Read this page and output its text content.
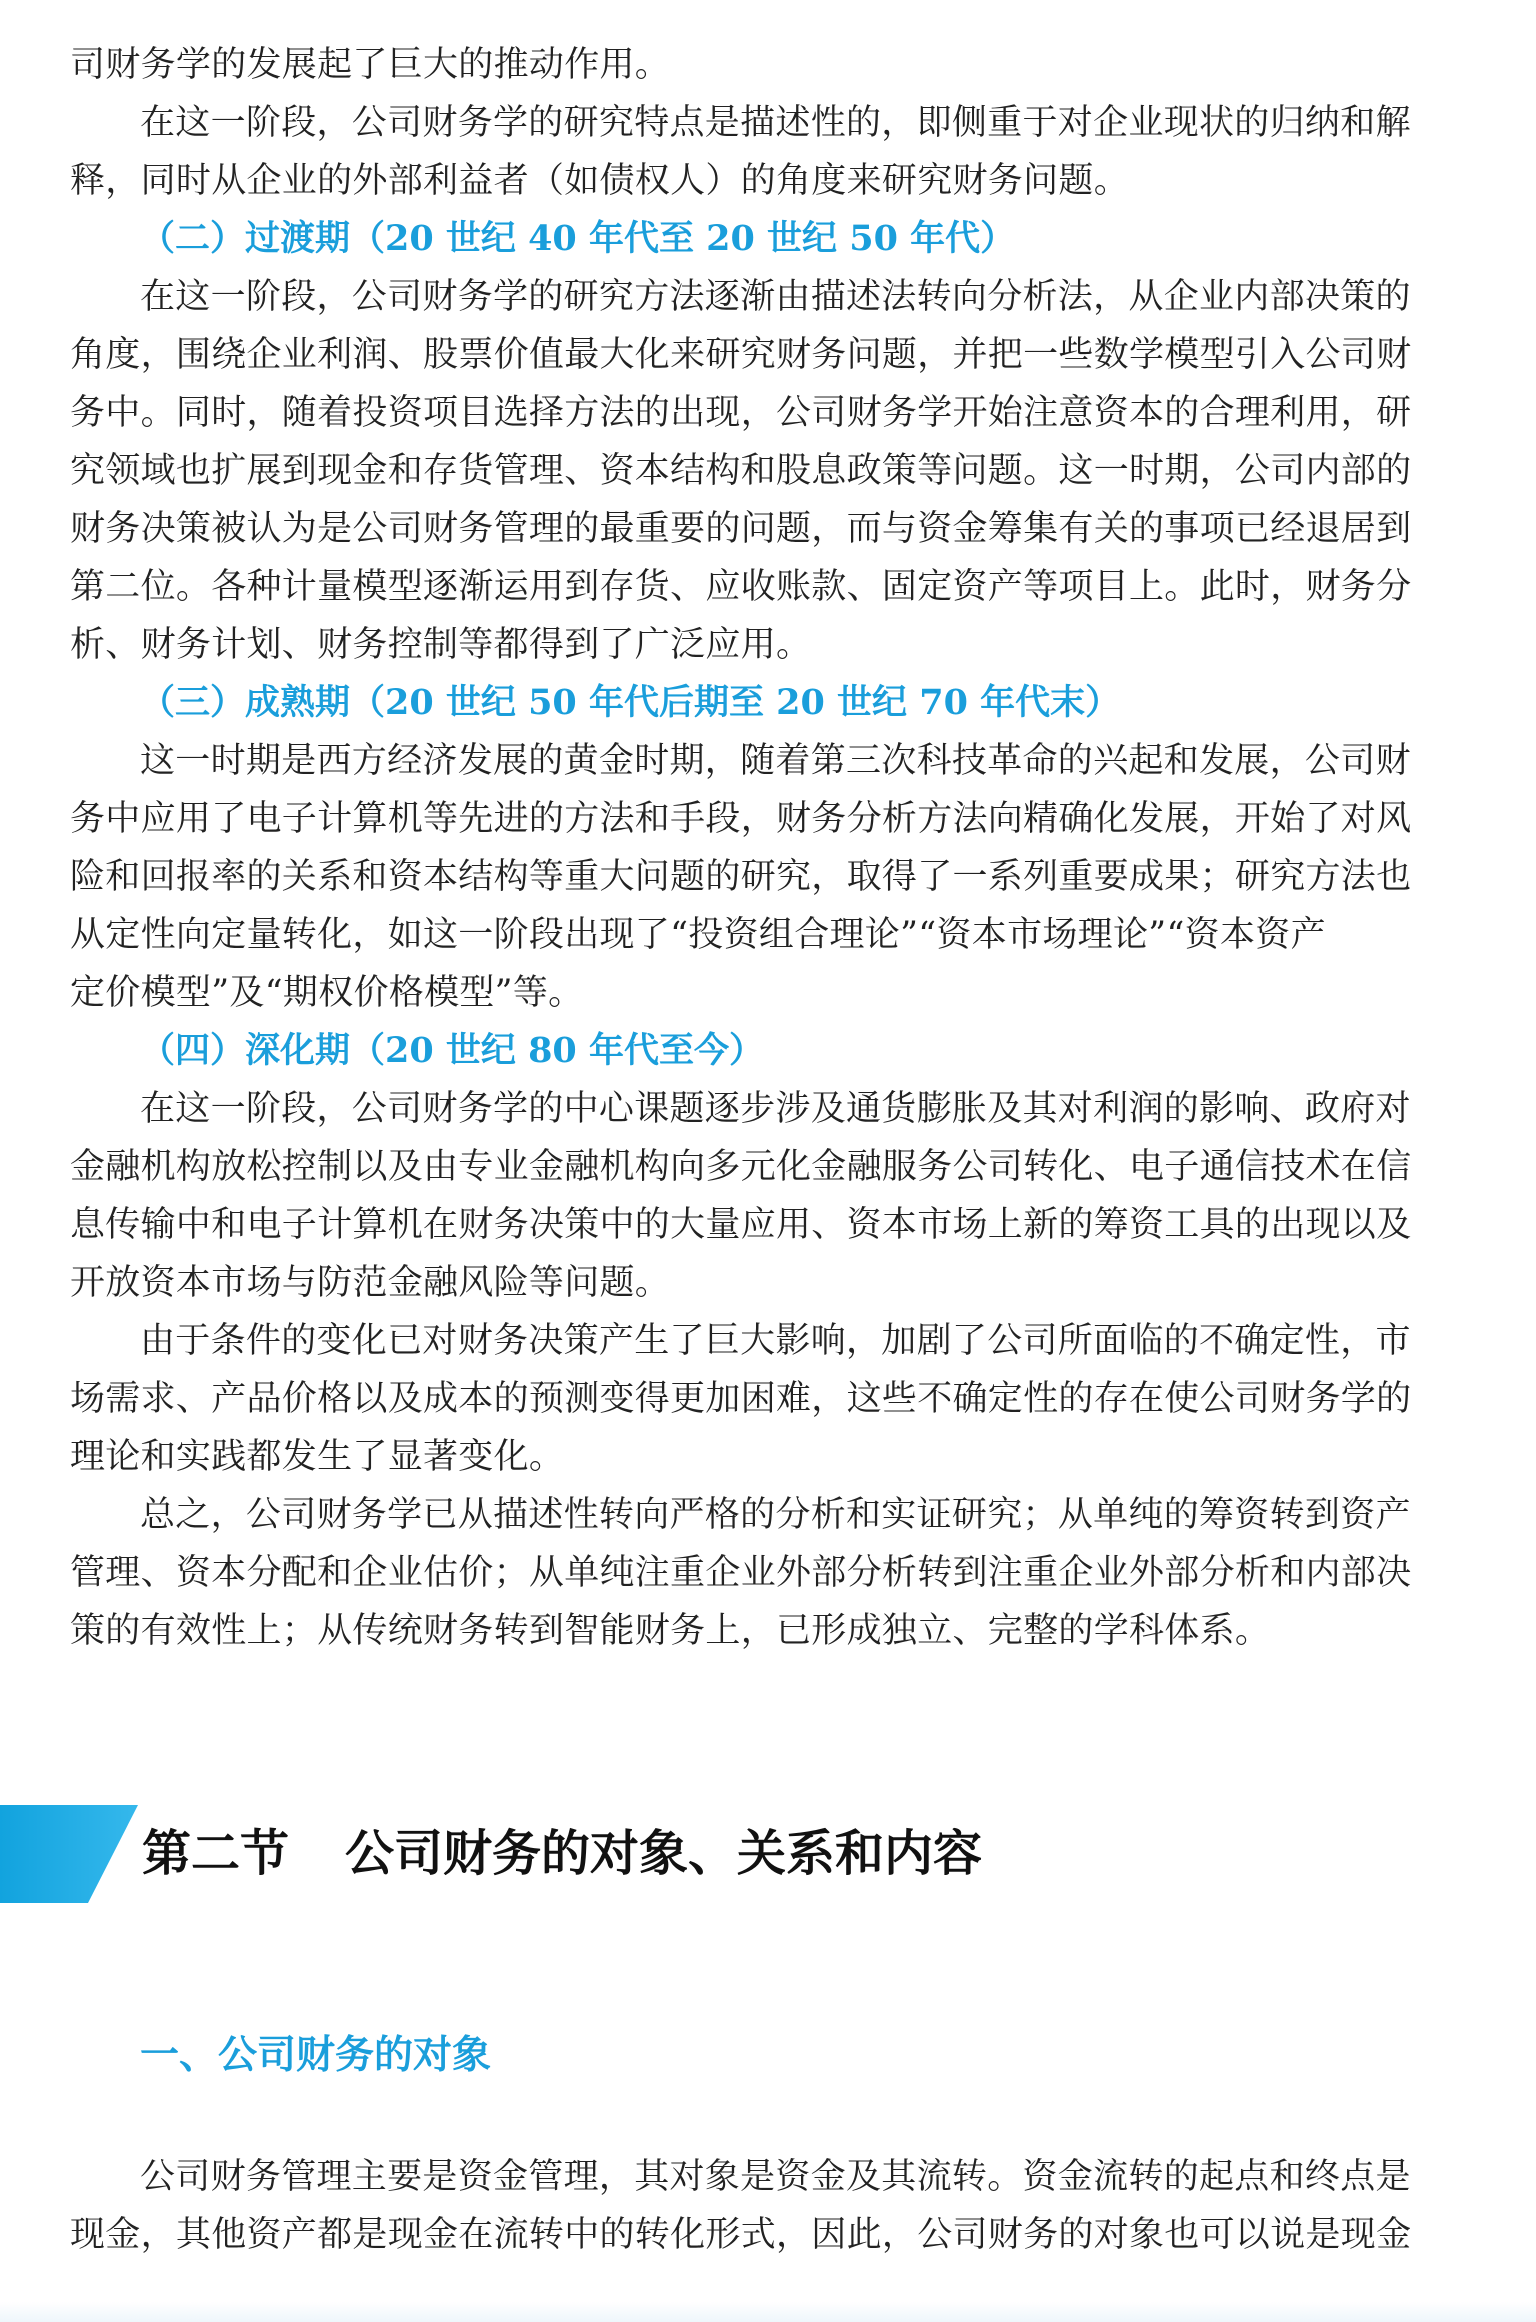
司财务学的发展起了巨大的推动作用。
在这一阶段，公司财务学的研究特点是描述性的，即侧重于对企业现状的归纳和解
释，同时从企业的外部利益者（如债权人）的角度来研究财务问题。
（二）过渡期（20 世纪 40 年代至 20 世纪 50 年代）
在这一阶段，公司财务学的研究方法逐渐由描述法转向分析法，从企业内部决策的
角度，围绕企业利润、股票价值最大化来研究财务问题，并把一些数学模型引入公司财
务中。同时，随着投资项目选择方法的出现，公司财务学开始注意资本的合理利用，研
究领域也扩展到现金和存货管理、资本结构和股息政策等问题。这一时期，公司内部的
财务决策被认为是公司财务管理的最重要的问题，而与资金筹集有关的事项已经退居到
第二位。各种计量模型逐渐运用到存货、应收账款、固定资产等项目上。此时，财务分
析、财务计划、财务控制等都得到了广泛应用。
（三）成熟期（20 世纪 50 年代后期至 20 世纪 70 年代末）
这一时期是西方经济发展的黄金时期，随着第三次科技革命的兴起和发展，公司财
务中应用了电子计算机等先进的方法和手段，财务分析方法向精确化发展，开始了对风
险和回报率的关系和资本结构等重大问题的研究，取得了一系列重要成果；研究方法也
从定性向定量转化，如这一阶段出现了“投资组合理论”“资本市场理论”“资本资产
定价模型”及“期权价格模型”等。
（四）深化期（20 世纪 80 年代至今）
在这一阶段，公司财务学的中心课题逐步涉及通货膨胀及其对利润的影响、政府对
金融机构放松控制以及由专业金融机构向多元化金融服务公司转化、电子通信技术在信
息传输中和电子计算机在财务决策中的大量应用、资本市场上新的筹资工具的出现以及
开放资本市场与防范金融风险等问题。
由于条件的变化已对财务决策产生了巨大影响，加剧了公司所面临的不确定性，市
场需求、产品价格以及成本的预测变得更加困难，这些不确定性的存在使公司财务学的
理论和实践都发生了显著变化。
总之，公司财务学已从描述性转向严格的分析和实证研究；从单纯的筹资转到资产
管理、资本分配和企业估价；从单纯注重企业外部分析转到注重企业外部分析和内部决
策的有效性上；从传统财务转到智能财务上，已形成独立、完整的学科体系。
第二节 公司财务的对象、关系和内容
一、公司财务的对象
公司财务管理主要是资金管理，其对象是资金及其流转。资金流转的起点和终点是
现金，其他资产都是现金在流转中的转化形式，因此，公司财务的对象也可以说是现金
